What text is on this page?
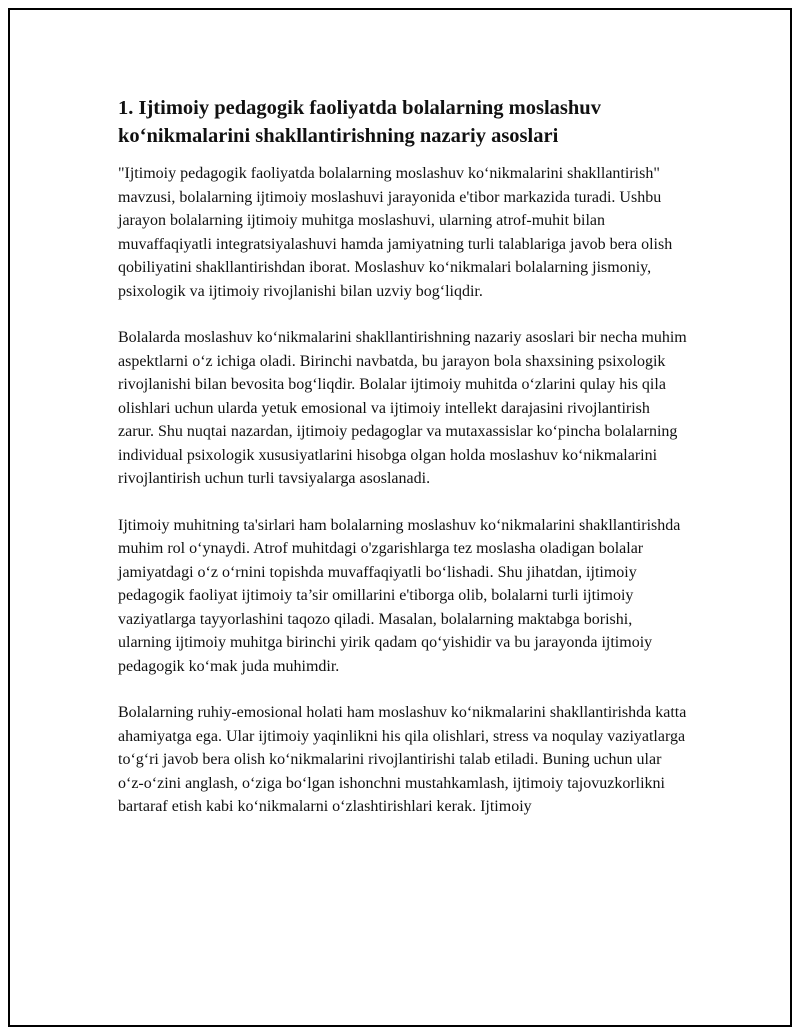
1. Ijtimoiy pedagogik faoliyatda bolalarning moslashuv ko‘nikmalarini shakllantirishning nazariy asoslari

"Ijtimoiy pedagogik faoliyatda bolalarning moslashuv ko‘nikmalarini shakllantirish" mavzusi, bolalarning ijtimoiy moslashuvi jarayonida e'tibor markazida turadi. Ushbu jarayon bolalarning ijtimoiy muhitga moslashuvi, ularning atrof-muhit bilan muvaffaqiyatli integratsiyalashuvi hamda jamiyatning turli talablariga javob bera olish qobiliyatini shakllantirishdan iborat. Moslashuv ko‘nikmalari bolalarning jismoniy, psixologik va ijtimoiy rivojlanishi bilan uzviy bog‘liqdir.

Bolalarda moslashuv ko‘nikmalarini shakllantirishning nazariy asoslari bir necha muhim aspektlarni o‘z ichiga oladi. Birinchi navbatda, bu jarayon bola shaxsining psixologik rivojlanishi bilan bevosita bog‘liqdir. Bolalar ijtimoiy muhitda o‘zlarini qulay his qila olishlari uchun ularda yetuk emosional va ijtimoiy intellekt darajasini rivojlantirish zarur. Shu nuqtai nazardan, ijtimoiy pedagoglar va mutaxassislar ko‘pincha bolalarning individual psixologik xususiyatlarini hisobga olgan holda moslashuv ko‘nikmalarini rivojlantirish uchun turli tavsiyalarga asoslanadi.

Ijtimoiy muhitning ta'sirlari ham bolalarning moslashuv ko‘nikmalarini shakllantirishda muhim rol o‘ynaydi. Atrof muhitdagi o'zgarishlarga tez moslasha oladigan bolalar jamiyatdagi o‘z o‘rnini topishda muvaffaqiyatli bo‘lishadi. Shu jihatdan, ijtimoiy pedagogik faoliyat ijtimoiy ta’sir omillarini e'tiborga olib, bolalarni turli ijtimoiy vaziyatlarga tayyorlashini taqozo qiladi. Masalan, bolalarning maktabga borishi, ularning ijtimoiy muhitga birinchi yirik qadam qo‘yishidir va bu jarayonda ijtimoiy pedagogik ko‘mak juda muhimdir.

Bolalarning ruhiy-emosional holati ham moslashuv ko‘nikmalarini shakllantirishda katta ahamiyatga ega. Ular ijtimoiy yaqinlikni his qila olishlari, stress va noqulay vaziyatlarga to‘g‘ri javob bera olish ko‘nikmalarini rivojlantirishi talab etiladi. Buning uchun ular o‘z-o‘zini anglash, o‘ziga bo‘lgan ishonchni mustahkamlash, ijtimoiy tajovuzkorlikni bartaraf etish kabi ko‘nikmalarni o‘zlashtirishlari kerak. Ijtimoiy
